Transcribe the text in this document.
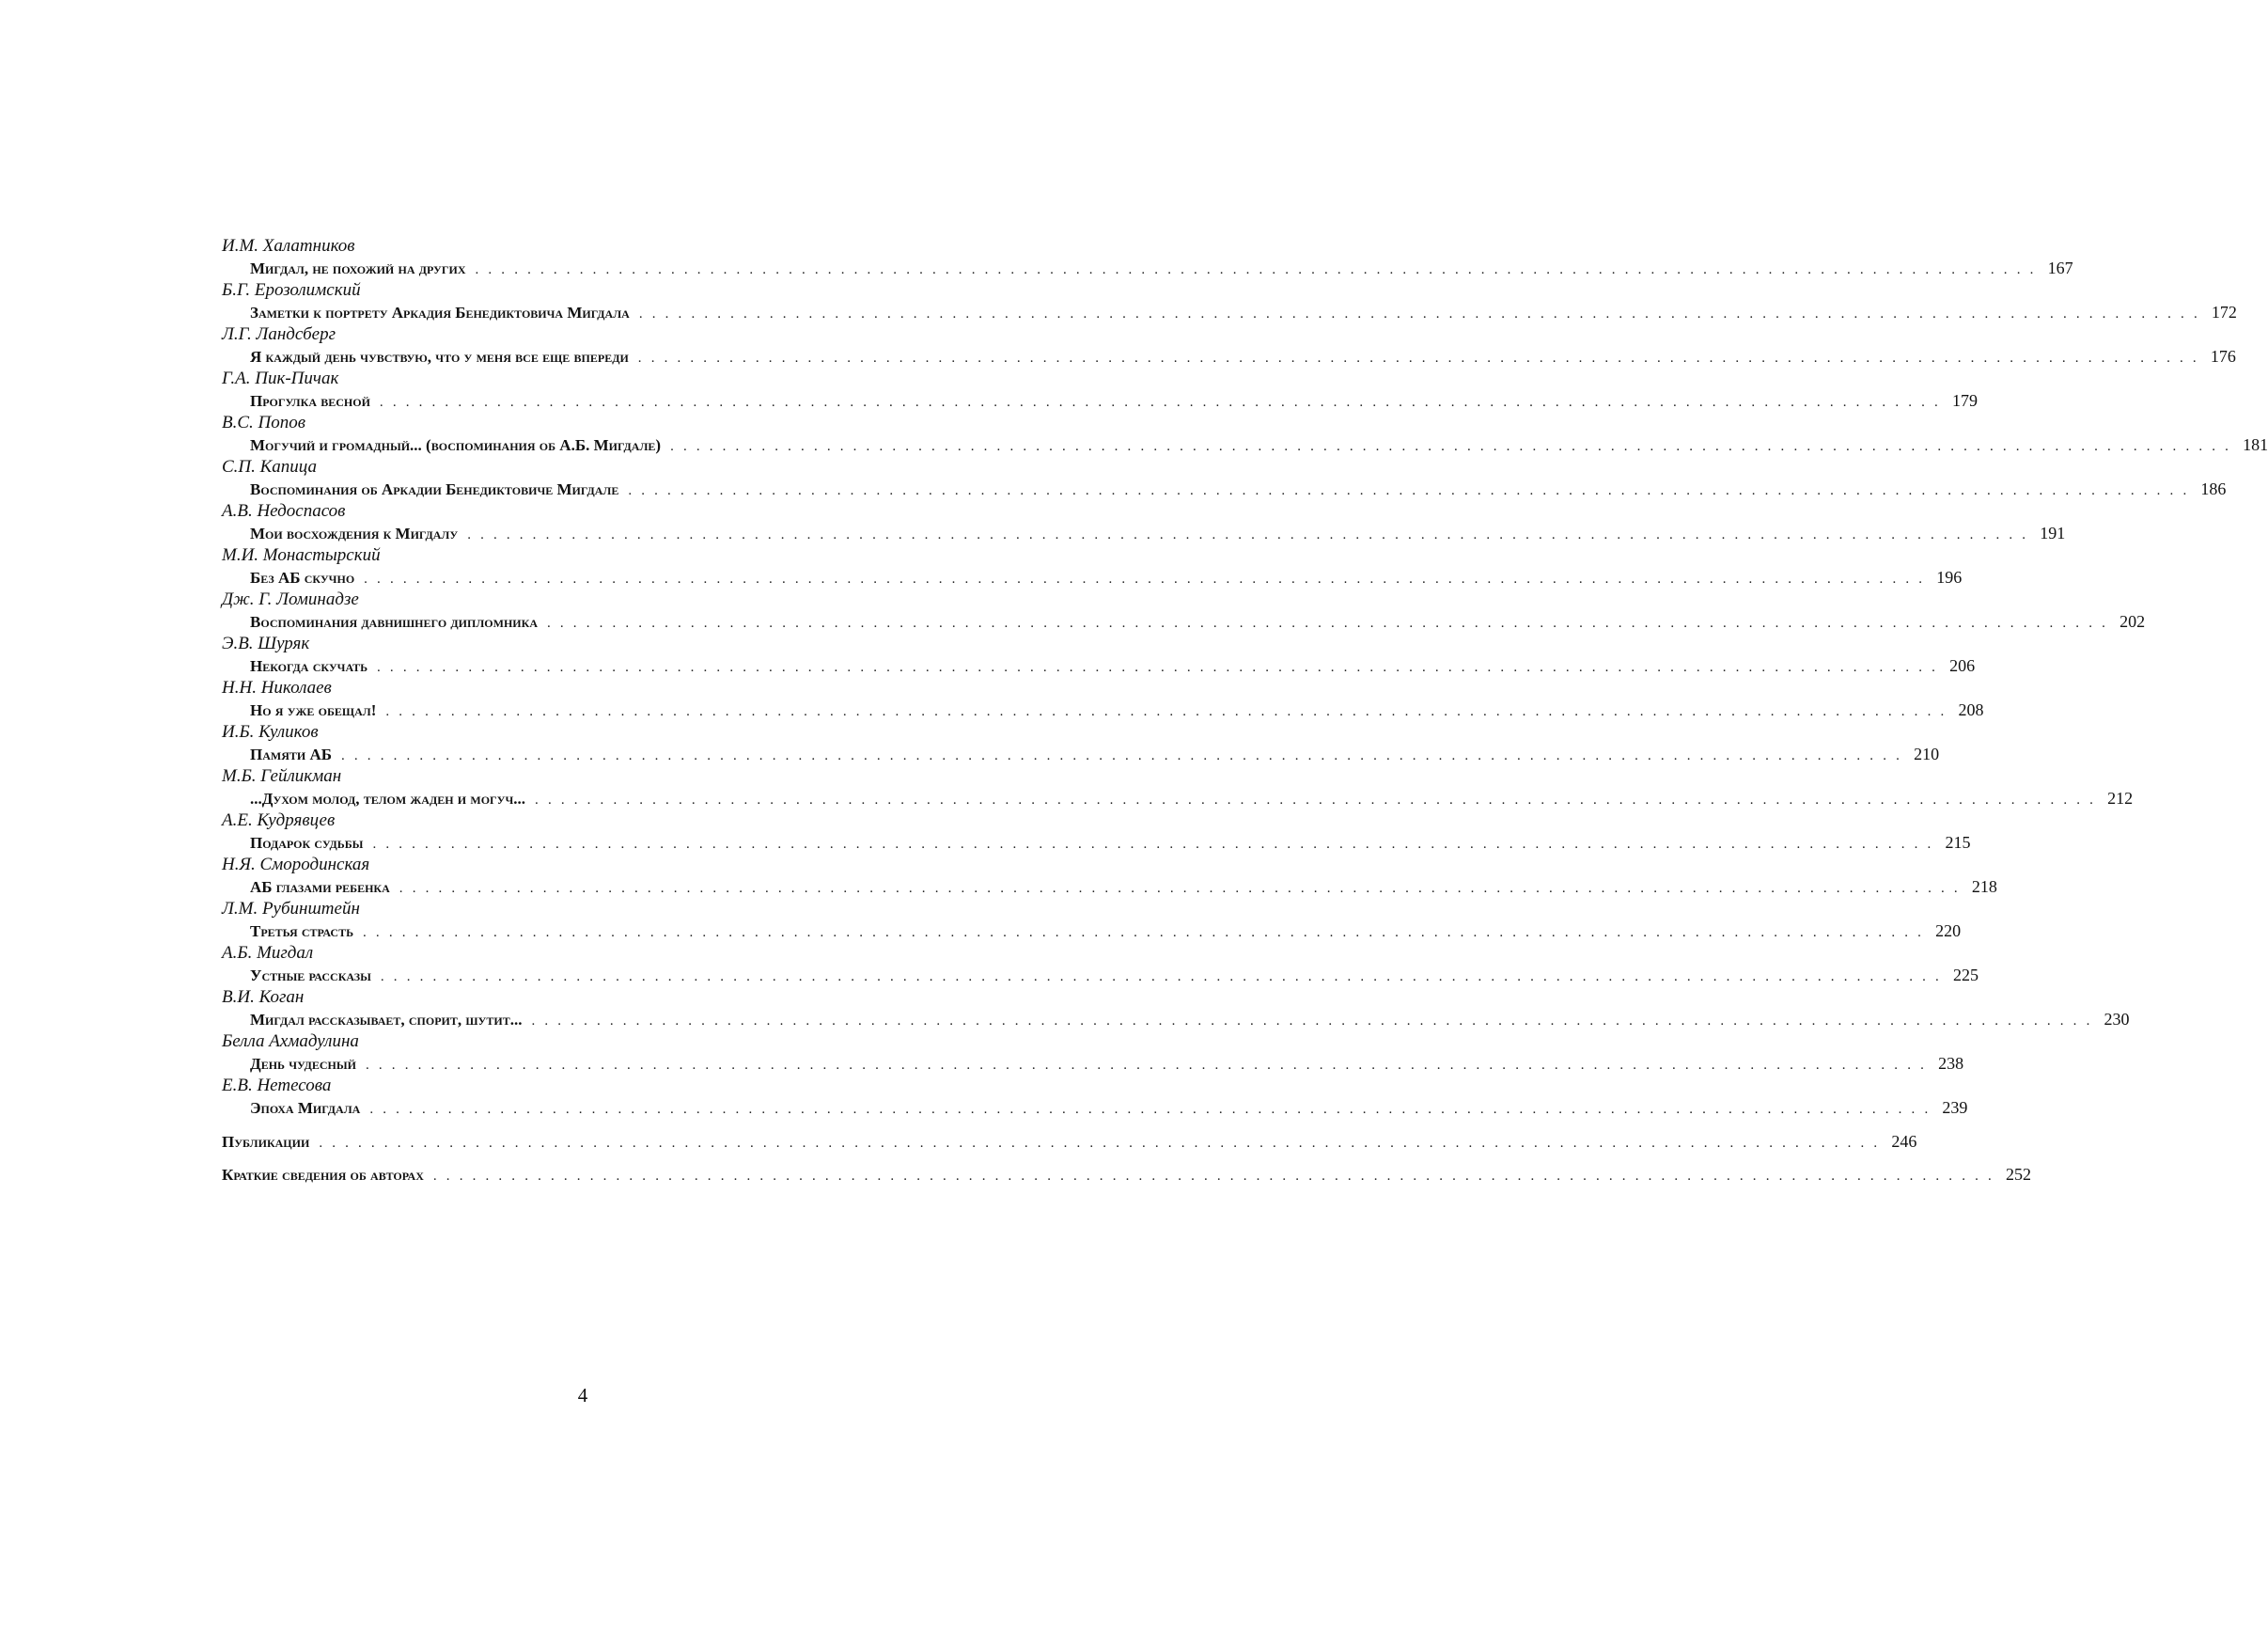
И.М. Халатников
Мигдал, не похожий на других . . . . . . . . . . . . . . . . . . . . . . . . . . . . . . . . . . . . . . . . . . . . . . . . . . . . . . . . . . . . . . . . . . . . . . . . . . . . . . . . . . . . . . . . . . . . . . . . . . . . . . . . . . . . . . . . . . . . . . . . 167
Б.Г. Ерозолимский
Заметки к портрету Аркадия Бенедиктовича Мигдала . . . . . . . . . . . . . . . . . . . . . . . . . . . . . . . . . . . . . . . . . . . . . . . . . . . . . . . . . . . . . . . . . . . . . . . . . . . . . . . . . . . . . . . . . . . . . . . . . . . . . . . . . . . . . . . . . . . . . . . . 172
Л.Г. Ландсберг
Я каждый день чувствую, что у меня все еще впереди . . . . . . . . . . . . . . . . . . . . . . . . . . . . . . . . . . . . . . . . . . . . . . . . . . . . . . . . . . . . . . . . . . . . . . . . . . . . . . . . . . . . . . . . . . . . . . . . . . . . . . . . . . . . . . . . . . . . . . . . 176
Г.А. Пик-Пичак
Прогулка весной . . . . . . . . . . . . . . . . . . . . . . . . . . . . . . . . . . . . . . . . . . . . . . . . . . . . . . . . . . . . . . . . . . . . . . . . . . . . . . . . . . . . . . . . . . . . . . . . . . . . . . . . . . . . . . . . . . . . . . . . 179
В.С. Попов
Могучий и громадный... (воспоминания об А.Б. Мигдале) . . . . . . . . . . . . . . . . . . . . . . . . . . . . . . . . . . . . . . . . . . . . . . . . . . . . . . . . . . . . . . . . . . . . . . . . . . . . . . . . . . . . . . . . . . . . . . . . . . . . . . . . . . . . . . . . . . . . . . . . 181
С.П. Капица
Воспоминания об Аркадии Бенедиктовиче Мигдале . . . . . . . . . . . . . . . . . . . . . . . . . . . . . . . . . . . . . . . . . . . . . . . . . . . . . . . . . . . . . . . . . . . . . . . . . . . . . . . . . . . . . . . . . . . . . . . . . . . . . . . . . . . . . . . . . . . . . . . . 186
А.В. Недоспасов
Мои восхождения к Мигдалу . . . . . . . . . . . . . . . . . . . . . . . . . . . . . . . . . . . . . . . . . . . . . . . . . . . . . . . . . . . . . . . . . . . . . . . . . . . . . . . . . . . . . . . . . . . . . . . . . . . . . . . . . . . . . . . . . . . . . . . . 191
М.И. Монастырский
Без АБ скучно . . . . . . . . . . . . . . . . . . . . . . . . . . . . . . . . . . . . . . . . . . . . . . . . . . . . . . . . . . . . . . . . . . . . . . . . . . . . . . . . . . . . . . . . . . . . . . . . . . . . . . . . . . . . . . . . . . . . . . . . 196
Дж. Г. Ломинадзе
Воспоминания давнишнего дипломника . . . . . . . . . . . . . . . . . . . . . . . . . . . . . . . . . . . . . . . . . . . . . . . . . . . . . . . . . . . . . . . . . . . . . . . . . . . . . . . . . . . . . . . . . . . . . . . . . . . . . . . . . . . . . . . . . . . . . . . . 202
Э.В. Шуряк
Некогда скучать . . . . . . . . . . . . . . . . . . . . . . . . . . . . . . . . . . . . . . . . . . . . . . . . . . . . . . . . . . . . . . . . . . . . . . . . . . . . . . . . . . . . . . . . . . . . . . . . . . . . . . . . . . . . . . . . . . . . . . . . 206
Н.Н. Николаев
Но я уже обещал! . . . . . . . . . . . . . . . . . . . . . . . . . . . . . . . . . . . . . . . . . . . . . . . . . . . . . . . . . . . . . . . . . . . . . . . . . . . . . . . . . . . . . . . . . . . . . . . . . . . . . . . . . . . . . . . . . . . . . . . . 208
И.Б. Куликов
Памяти АБ . . . . . . . . . . . . . . . . . . . . . . . . . . . . . . . . . . . . . . . . . . . . . . . . . . . . . . . . . . . . . . . . . . . . . . . . . . . . . . . . . . . . . . . . . . . . . . . . . . . . . . . . . . . . . . . . . . . . . . . . 210
М.Б. Гейликман
...Духом молод, телом жаден и могуч... . . . . . . . . . . . . . . . . . . . . . . . . . . . . . . . . . . . . . . . . . . . . . . . . . . . . . . . . . . . . . . . . . . . . . . . . . . . . . . . . . . . . . . . . . . . . . . . . . . . . . . . . . . . . . . . . . . . . . . . . 212
А.Е. Кудрявцев
Подарок судьбы . . . . . . . . . . . . . . . . . . . . . . . . . . . . . . . . . . . . . . . . . . . . . . . . . . . . . . . . . . . . . . . . . . . . . . . . . . . . . . . . . . . . . . . . . . . . . . . . . . . . . . . . . . . . . . . . . . . . . . . . 215
Н.Я. Смородинская
АБ глазами ребенка . . . . . . . . . . . . . . . . . . . . . . . . . . . . . . . . . . . . . . . . . . . . . . . . . . . . . . . . . . . . . . . . . . . . . . . . . . . . . . . . . . . . . . . . . . . . . . . . . . . . . . . . . . . . . . . . . . . . . . . . 218
Л.М. Рубинштейн
Третья страсть . . . . . . . . . . . . . . . . . . . . . . . . . . . . . . . . . . . . . . . . . . . . . . . . . . . . . . . . . . . . . . . . . . . . . . . . . . . . . . . . . . . . . . . . . . . . . . . . . . . . . . . . . . . . . . . . . . . . . . . . 220
А.Б. Мигдал
Устные рассказы . . . . . . . . . . . . . . . . . . . . . . . . . . . . . . . . . . . . . . . . . . . . . . . . . . . . . . . . . . . . . . . . . . . . . . . . . . . . . . . . . . . . . . . . . . . . . . . . . . . . . . . . . . . . . . . . . . . . . . . . 225
В.И. Коган
Мигдал рассказывает, спорит, шутит... . . . . . . . . . . . . . . . . . . . . . . . . . . . . . . . . . . . . . . . . . . . . . . . . . . . . . . . . . . . . . . . . . . . . . . . . . . . . . . . . . . . . . . . . . . . . . . . . . . . . . . . . . . . . . . . . . . . . . . . . 230
Белла Ахмадулина
День чудесный . . . . . . . . . . . . . . . . . . . . . . . . . . . . . . . . . . . . . . . . . . . . . . . . . . . . . . . . . . . . . . . . . . . . . . . . . . . . . . . . . . . . . . . . . . . . . . . . . . . . . . . . . . . . . . . . . . . . . . . . 238
Е.В. Нетесова
Эпоха Мигдала . . . . . . . . . . . . . . . . . . . . . . . . . . . . . . . . . . . . . . . . . . . . . . . . . . . . . . . . . . . . . . . . . . . . . . . . . . . . . . . . . . . . . . . . . . . . . . . . . . . . . . . . . . . . . . . . . . . . . . . . 239
Публикации . . . . . . . . . . . . . . . . . . . . . . . . . . . . . . . . . . . . . . . . . . . . . . . . . . . . . . . . . . . . . . . . . . . . . . . . . . . . . . . . . . . . . . . . . . . . . . . . . . . . . . . . . . . . . . . . . . . . . . . . 246
Краткие сведения об авторах . . . . . . . . . . . . . . . . . . . . . . . . . . . . . . . . . . . . . . . . . . . . . . . . . . . . . . . . . . . . . . . . . . . . . . . . . . . . . . . . . . . . . . . . . . . . . . . . . . . . . . . . . . . . . . . . . . . . . . . . 252
4
